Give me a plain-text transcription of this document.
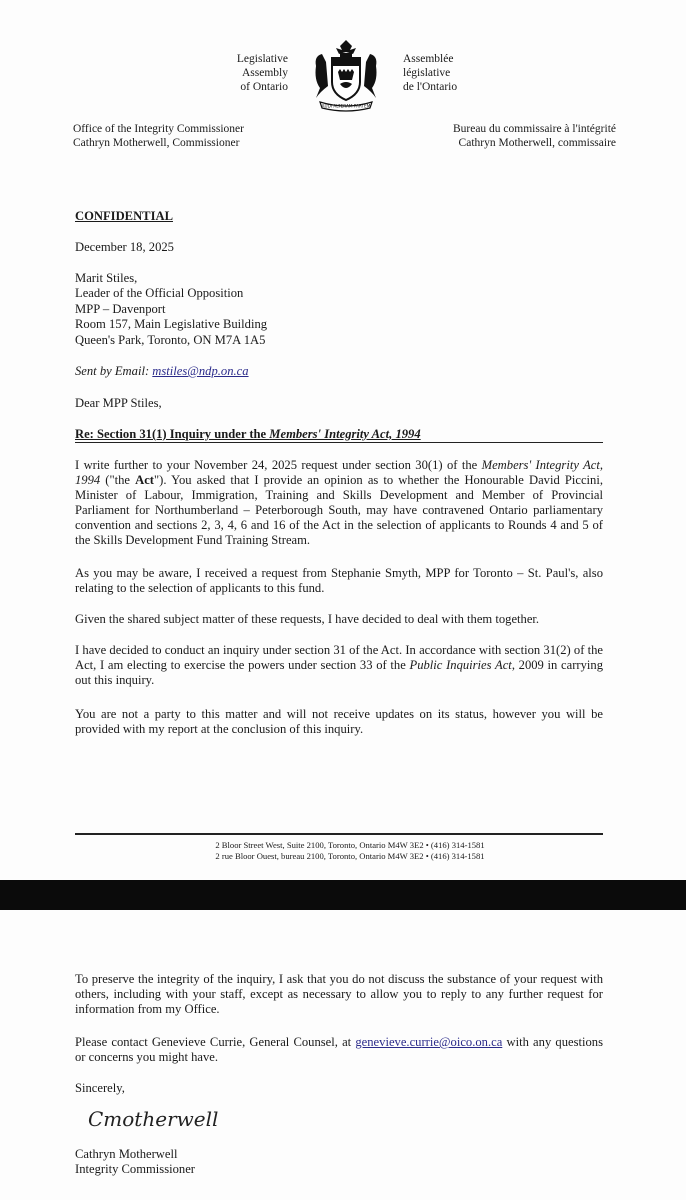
Legislative
Assembly
of Ontario
AUDI ALTERAM PARTEM
Assemblée
législative
de l'Ontario
Office of the Integrity Commissioner
Cathryn Motherwell, Commissioner
Bureau du commissaire à l'intégrité
Cathryn Motherwell, commissaire
CONFIDENTIAL
December 18, 2025
Marit Stiles,
Leader of the Official Opposition
MPP – Davenport
Room 157, Main Legislative Building
Queen's Park, Toronto, ON M7A 1A5
Sent by Email: mstiles@ndp.on.ca
Dear MPP Stiles,
Re: Section 31(1) Inquiry under the Members' Integrity Act, 1994
I write further to your November 24, 2025 request under section 30(1) of the Members' Integrity Act, 1994 ("the Act"). You asked that I provide an opinion as to whether the Honourable David Piccini, Minister of Labour, Immigration, Training and Skills Development and Member of Provincial Parliament for Northumberland – Peterborough South, may have contravened Ontario parliamentary convention and sections 2, 3, 4, 6 and 16 of the Act in the selection of applicants to Rounds 4 and 5 of the Skills Development Fund Training Stream.
As you may be aware, I received a request from Stephanie Smyth, MPP for Toronto – St. Paul's, also relating to the selection of applicants to this fund.
Given the shared subject matter of these requests, I have decided to deal with them together.
I have decided to conduct an inquiry under section 31 of the Act. In accordance with section 31(2) of the Act, I am electing to exercise the powers under section 33 of the Public Inquiries Act, 2009 in carrying out this inquiry.
You are not a party to this matter and will not receive updates on its status, however you will be provided with my report at the conclusion of this inquiry.
2 Bloor Street West, Suite 2100, Toronto, Ontario M4W 3E2 • (416) 314-1581
2 rue Bloor Ouest, bureau 2100, Toronto, Ontario M4W 3E2 • (416) 314-1581
To preserve the integrity of the inquiry, I ask that you do not discuss the substance of your request with others, including with your staff, except as necessary to allow you to reply to any further request for information from my Office.
Please contact Genevieve Currie, General Counsel, at genevieve.currie@oico.on.ca with any questions or concerns you might have.
Sincerely,
Cmotherwell
Cathryn Motherwell
Integrity Commissioner
